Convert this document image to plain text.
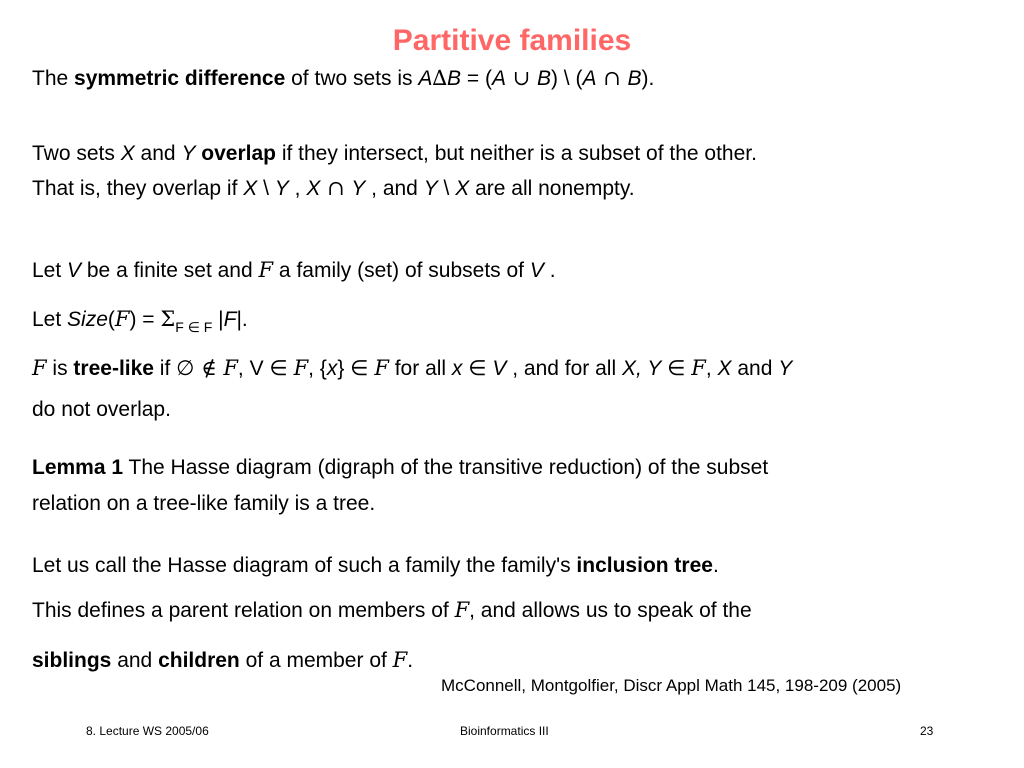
Partitive families
The symmetric difference of two sets is A∆B = (A ∪ B) \ (A ∩ B).
Two sets X and Y overlap if they intersect, but neither is a subset of the other.
That is, they overlap if X \ Y , X ∩ Y , and Y \ X are all nonempty.
Let V be a finite set and F a family (set) of subsets of V .
Let Size(F) = $\Sigma_{F \in F}$ |F|.
F is tree-like if ∅ ∉ F, V ∈ F, {x} ∈ F for all x ∈ V , and for all X, Y ∈ F, X and Y
do not overlap.
Lemma 1 The Hasse diagram (digraph of the transitive reduction) of the subset
relation on a tree-like family is a tree.
Let us call the Hasse diagram of such a family the family's inclusion tree.
This defines a parent relation on members of F, and allows us to speak of the
siblings and children of a member of F.
McConnell, Montgolfier, Discr Appl Math 145, 198-209 (2005)
8. Lecture WS 2005/06	Bioinformatics III	23
